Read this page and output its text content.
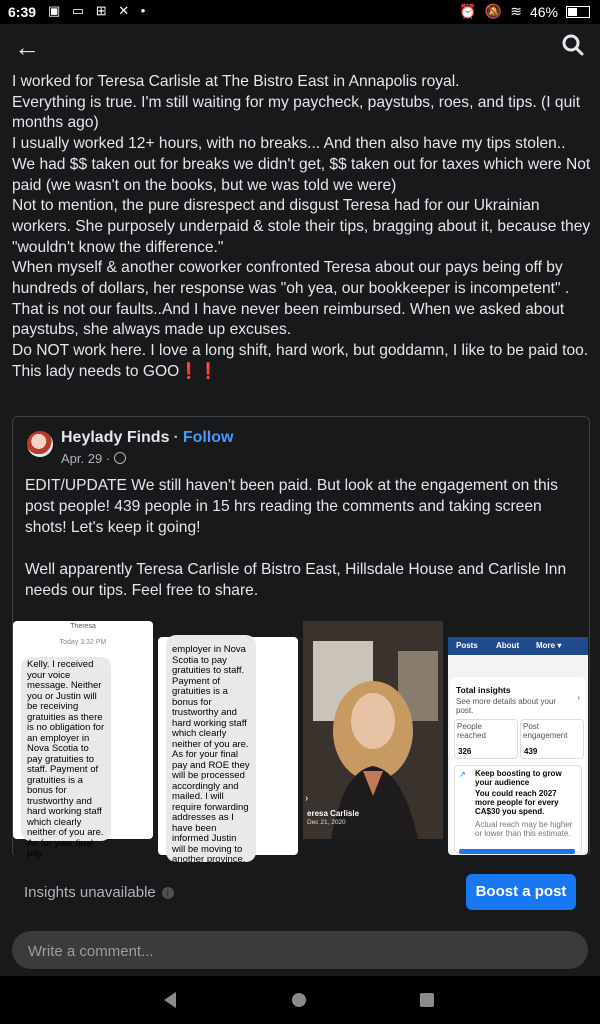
6:39 ▣ ▭ ⊞ ✕ •	⏰ 🔕 ≋ 46%
←

I worked for Teresa Carlisle at The Bistro East in Annapolis royal.

Everything is true. I'm still waiting for my paycheck, paystubs, roes, and tips. (I quit months ago)

I usually worked 12+ hours, with no breaks... And then also have my tips stolen..

We had $$ taken out for breaks we didn't get, $$ taken out for taxes which were Not paid (we wasn't on the books, but we was told we were)

Not to mention, the pure disrespect and disgust Teresa had for our Ukrainian workers. She purposely underpaid & stole their tips, bragging about it, because they "wouldn't know the difference."

When myself & another coworker confronted Teresa about our pays being off by hundreds of dollars, her response was "oh yea, our bookkeeper is incompetent" . That is not our faults..And I have never been reimbursed. When we asked about paystubs, she always made up excuses.

Do NOT work here. I love a long shift, hard work, but goddamn, I like to be paid too.

This lady needs to GOO❗❗

Heylady Finds · Follow
Apr. 29 ·

EDIT/UPDATE We still haven't been paid. But look at the engagement on this post people! 439 people in 15 hrs reading the comments and taking screen shots! Let's keep it going!

Well apparently Teresa Carlisle of Bistro East, Hillsdale House and Carlisle Inn needs our tips. Feel free to share.

Theresa
Today 3:32 PM
Kelly. I received your voice message. Neither you or Justin will be receiving gratuities as there is no obligation for an employer in Nova Scotia to pay gratuities to staff. Payment of gratuities is a bonus for trustworthy and hard working staff which clearly neither of you are. As for your final pay
employer in Nova Scotia to pay gratuities to staff. Payment of gratuities is a bonus for trustworthy and hard working staff which clearly neither of you are. As for your final pay and ROE they will be processed accordingly and mailed. I will require forwarding addresses as I have been informed Justin will be moving to another province.
›
eresa Carlisle
Dec 21, 2020
Posts About More ▾
Total insights
See more details about your post.
›
People reached
326
Post engagement
439
↗ Keep boosting to grow your audience
You could reach 2027 more people for every CA$30 you spend.
Actual reach may be higher or lower than this estimate.
Insights unavailable i	Boost a post
Write a comment...
